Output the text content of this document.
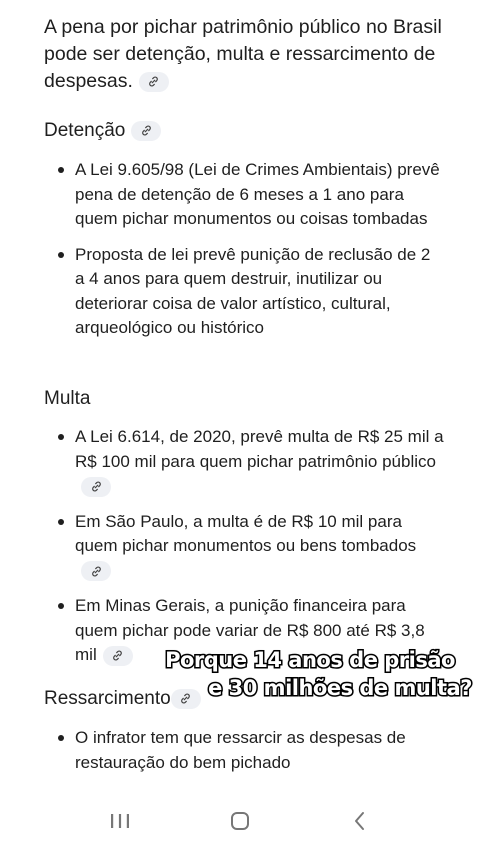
A pena por pichar patrimônio público no Brasil pode ser detenção, multa e ressarcimento de despesas.
Detenção
A Lei 9.605/98 (Lei de Crimes Ambientais) prevê pena de detenção de 6 meses a 1 ano para quem pichar monumentos ou coisas tombadas
Proposta de lei prevê punição de reclusão de 2 a 4 anos para quem destruir, inutilizar ou deteriorar coisa de valor artístico, cultural, arqueológico ou histórico
Multa
A Lei 6.614, de 2020, prevê multa de R$ 25 mil a R$ 100 mil para quem pichar patrimônio público
Em São Paulo, a multa é de R$ 10 mil para quem pichar monumentos ou bens tombados
Em Minas Gerais, a punição financeira para quem pichar pode variar de R$ 800 até R$ 3,8 mil
Ressarcimento
O infrator tem que ressarcir as despesas de restauração do bem pichado
Porque 14 anos de prisão
e 30 milhões de multa?
